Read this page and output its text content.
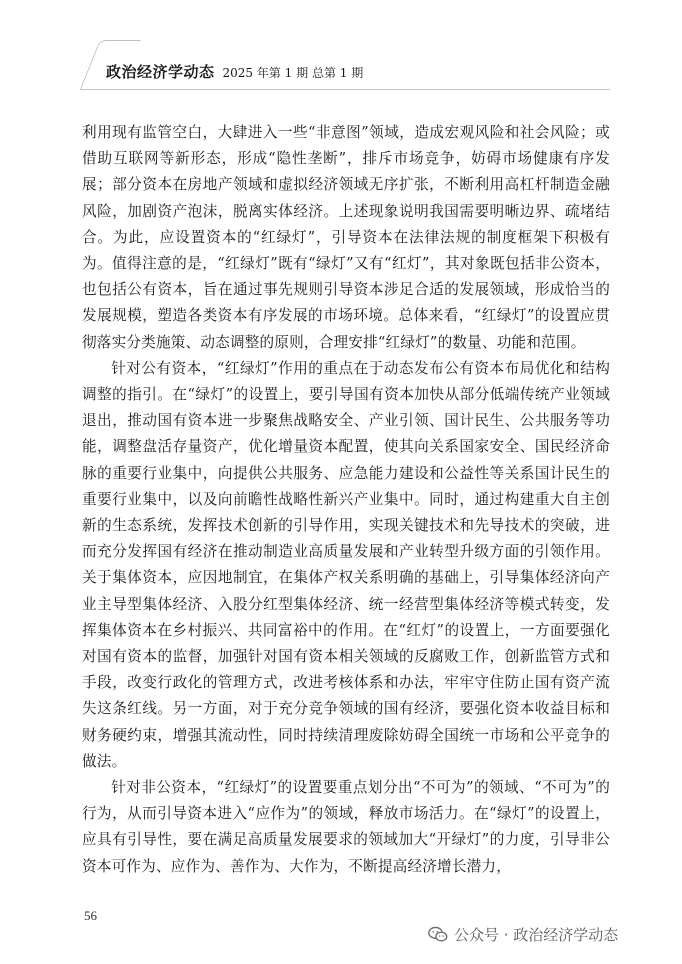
政治经济学动态 2025 年第 1 期 总第 1 期

利用现有监管空白，大肆进入一些“非意图”领域，造成宏观风险和社会风险；或借助互联网等新形态，形成“隐性垄断”，排斥市场竞争，妨碍市场健康有序发展；部分资本在房地产领域和虚拟经济领域无序扩张，不断利用高杠杆制造金融风险，加剧资产泡沫，脱离实体经济。上述现象说明我国需要明晰边界、疏堵结合。为此，应设置资本的“红绿灯”，引导资本在法律法规的制度框架下积极有为。值得注意的是，“红绿灯”既有“绿灯”又有“红灯”，其对象既包括非公资本，也包括公有资本，旨在通过事先规则引导资本涉足合适的发展领域，形成恰当的发展规模，塑造各类资本有序发展的市场环境。总体来看，“红绿灯”的设置应贯彻落实分类施策、动态调整的原则，合理安排“红绿灯”的数量、功能和范围。

针对公有资本，“红绿灯”作用的重点在于动态发布公有资本布局优化和结构调整的指引。在“绿灯”的设置上，要引导国有资本加快从部分低端传统产业领域退出，推动国有资本进一步聚焦战略安全、产业引领、国计民生、公共服务等功能，调整盘活存量资产，优化增量资本配置，使其向关系国家安全、国民经济命脉的重要行业集中，向提供公共服务、应急能力建设和公益性等关系国计民生的重要行业集中，以及向前瞻性战略性新兴产业集中。同时，通过构建重大自主创新的生态系统，发挥技术创新的引导作用，实现关键技术和先导技术的突破，进而充分发挥国有经济在推动制造业高质量发展和产业转型升级方面的引领作用。关于集体资本，应因地制宜，在集体产权关系明确的基础上，引导集体经济向产业主导型集体经济、入股分红型集体经济、统一经营型集体经济等模式转变，发挥集体资本在乡村振兴、共同富裕中的作用。在“红灯”的设置上，一方面要强化对国有资本的监督，加强针对国有资本相关领域的反腐败工作，创新监管方式和手段，改变行政化的管理方式，改进考核体系和办法，牢牢守住防止国有资产流失这条红线。另一方面，对于充分竞争领域的国有经济，要强化资本收益目标和财务硬约束，增强其流动性，同时持续清理废除妨碍全国统一市场和公平竞争的做法。

针对非公资本，“红绿灯”的设置要重点划分出“不可为”的领域、“不可为”的行为，从而引导资本进入“应作为”的领域，释放市场活力。在“绿灯”的设置上，应具有引导性，要在满足高质量发展要求的领域加大“开绿灯”的力度，引导非公资本可作为、应作为、善作为、大作为，不断提高经济增长潜力，

56
公众号 · 政治经济学动态
